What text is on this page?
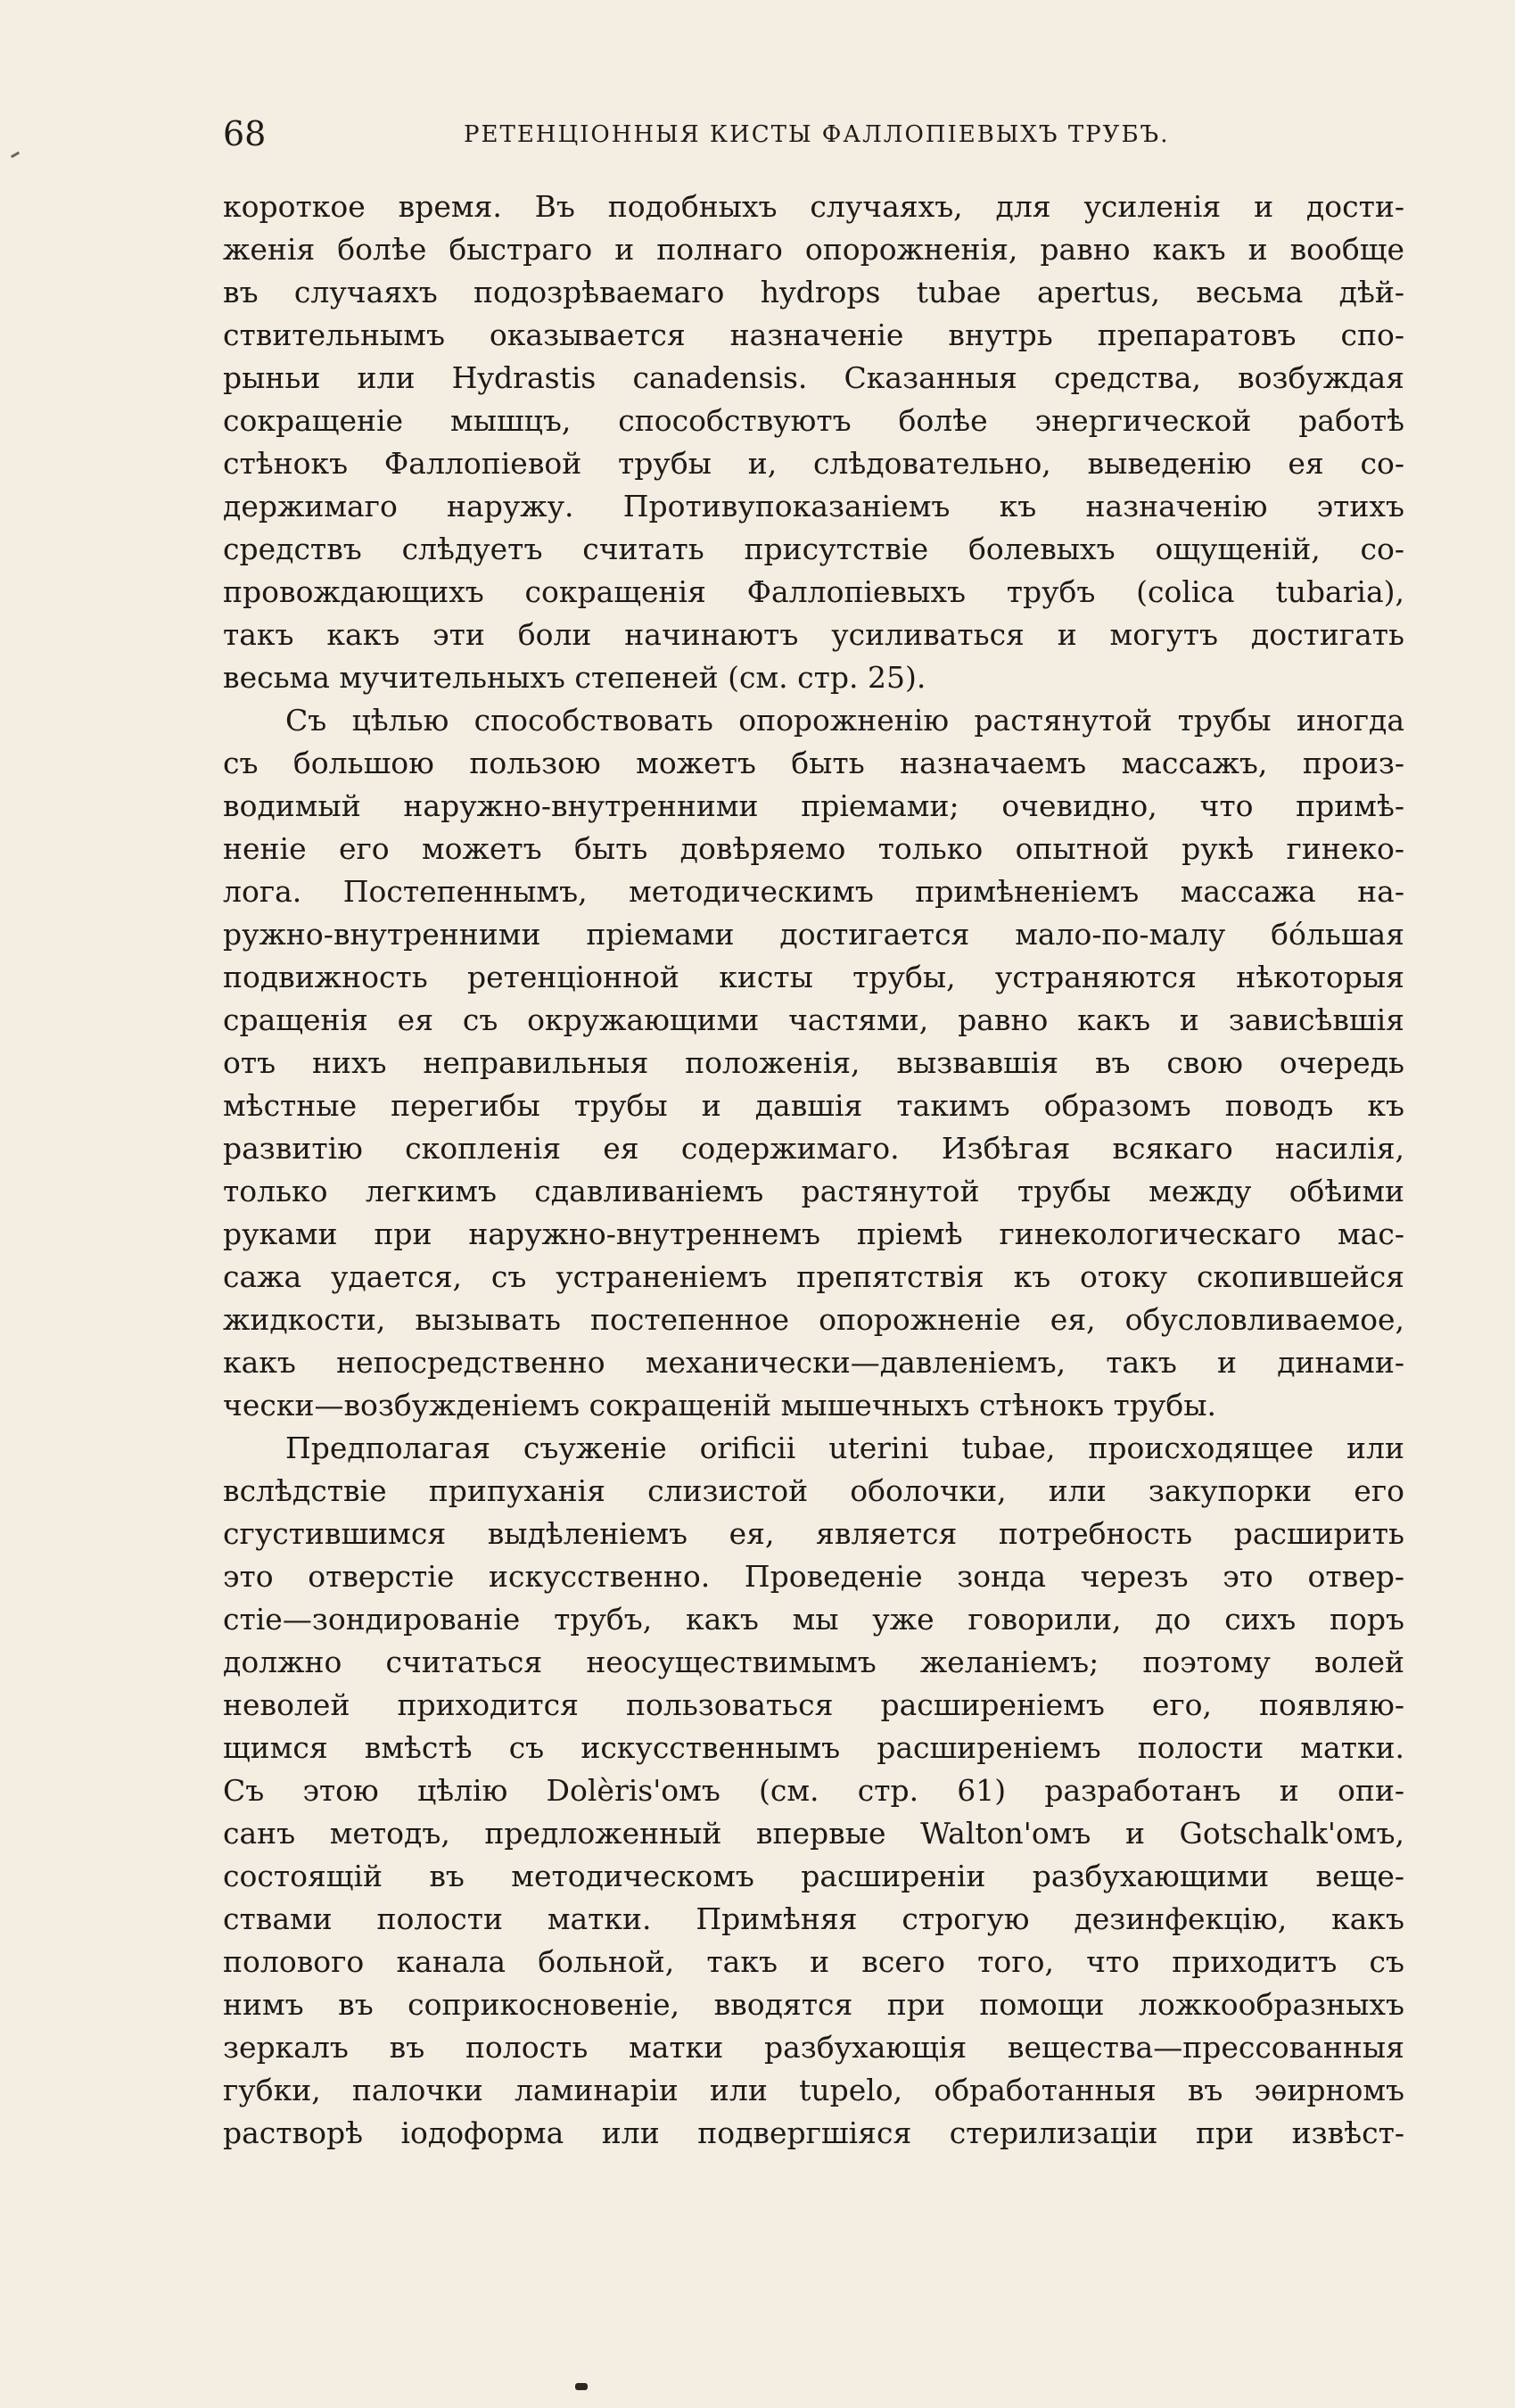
68	РЕТЕНЦІОННЫЯ КИСТЫ ФАЛЛОПІЕВЫХЪ ТРУБЪ.
короткое время. Въ подобныхъ случаяхъ, для усиленія и дости-
женія болѣе быстраго и полнаго опорожненія, равно какъ и вообще
въ случаяхъ подозрѣваемаго hydrops tubae apertus, весьма дѣй-
ствительнымъ оказывается назначеніе внутрь препаратовъ спо-
рыньи или Hydrastis canadensis. Сказанныя средства, возбуждая
сокращеніе мышцъ, способствуютъ болѣе энергической работѣ
стѣнокъ Фаллопіевой трубы и, слѣдовательно, выведенію ея со-
держимаго наружу. Противупоказаніемъ къ назначенію этихъ
средствъ слѣдуетъ считать присутствіе болевыхъ ощущеній, со-
провождающихъ сокращенія Фаллопіевыхъ трубъ (colica tubaria),
такъ какъ эти боли начинаютъ усиливаться и могутъ достигать
весьма мучительныхъ степеней (см. стр. 25).
Съ цѣлью способствовать опорожненію растянутой трубы иногда
съ большою пользою можетъ быть назначаемъ массажъ, произ-
водимый наружно-внутренними пріемами; очевидно, что примѣ-
неніе его можетъ быть довѣряемо только опытной рукѣ гинеко-
лога. Постепеннымъ, методическимъ примѣненіемъ массажа на-
ружно-внутренними пріемами достигается мало-по-малу бо́льшая
подвижность ретенціонной кисты трубы, устраняются нѣкоторыя
сращенія ея съ окружающими частями, равно какъ и зависѣвшія
отъ нихъ неправильныя положенія, вызвавшія въ свою очередь
мѣстные перегибы трубы и давшія такимъ образомъ поводъ къ
развитію скопленія ея содержимаго. Избѣгая всякаго насилія,
только легкимъ сдавливаніемъ растянутой трубы между обѣими
руками при наружно-внутреннемъ пріемѣ гинекологическаго мас-
сажа удается, съ устраненіемъ препятствія къ отоку скопившейся
жидкости, вызывать постепенное опорожненіе ея, обусловливаемое,
какъ непосредственно механически—давленіемъ, такъ и динами-
чески—возбужденіемъ сокращеній мышечныхъ стѣнокъ трубы.
Предполагая съуженіе orificii uterini tubae, происходящее или
вслѣдствіе припуханія слизистой оболочки, или закупорки его
сгустившимся выдѣленіемъ ея, является потребность расширить
это отверстіе искусственно. Проведеніе зонда черезъ это отвер-
стіе—зондированіе трубъ, какъ мы уже говорили, до сихъ поръ
должно считаться неосуществимымъ желаніемъ; поэтому волей
неволей приходится пользоваться расширеніемъ его, появляю-
щимся вмѣстѣ съ искусственнымъ расширеніемъ полости матки.
Съ этою цѣлію Dolèris'омъ (см. стр. 61) разработанъ и опи-
санъ методъ, предложенный впервые Walton'омъ и Gotschalk'омъ,
состоящій въ методическомъ расширеніи разбухающими веще-
ствами полости матки. Примѣняя строгую дезинфекцію, какъ
полового канала больной, такъ и всего того, что приходитъ съ
нимъ въ соприкосновеніе, вводятся при помощи ложкообразныхъ
зеркалъ въ полость матки разбухающія вещества—прессованныя
губки, палочки ламинаріи или tupelo, обработанныя въ эѳирномъ
растворѣ іодоформа или подвергшіяся стерилизаціи при извѣст-
